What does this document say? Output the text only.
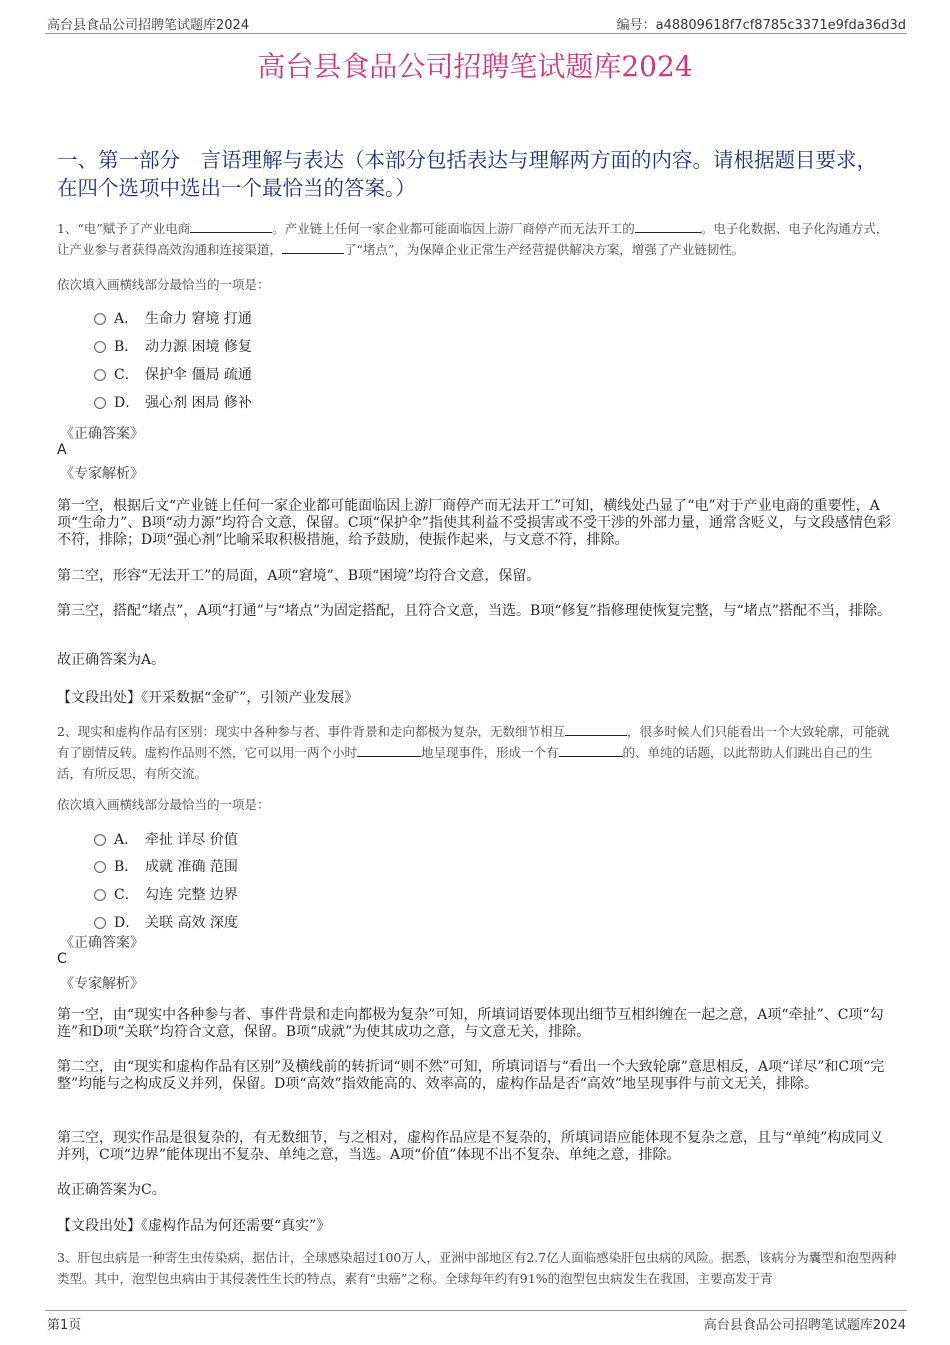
高台县食品公司招聘笔试题库2024	编号：a48809618f7cf8785c3371e9fda36d3d
高台县食品公司招聘笔试题库2024
一、第一部分　言语理解与表达（本部分包括表达与理解两方面的内容。请根据题目要求，在四个选项中选出一个最恰当的答案。）
1、“电”赋予了产业电商	。产业链上任何一家企业都可能面临因上游厂商停产而无法开工的	。电子化数据、电子化沟通方式，让产业参与者获得高效沟通和连接渠道，	了“堵点”，为保障企业正常生产经营提供解决方案，增强了产业链韧性。
依次填入画横线部分最恰当的一项是：
A． 生命力 窘境 打通
B． 动力源 困境 修复
C． 保护伞 僵局 疏通
D． 强心剂 困局 修补
《正确答案》
A
《专家解析》
第一空，根据后文“产业链上任何一家企业都可能面临因上游厂商停产而无法开工”可知，横线处凸显了“电”对于产业电商的重要性，A项“生命力”、B项“动力源”均符合文意，保留。C项“保护伞”指使其利益不受损害或不受干涉的外部力量，通常含贬义，与文段感情色彩不符，排除；D项“强心剂”比喻采取积极措施，给予鼓励，使振作起来，与文意不符，排除。
第二空，形容“无法开工”的局面，A项“窘境”、B项“困境”均符合文意，保留。
第三空，搭配“堵点”，A项“打通”与“堵点”为固定搭配，且符合文意，当选。B项“修复”指修理使恢复完整，与“堵点”搭配不当，排除。
故正确答案为A。
【文段出处】《开采数据“金矿”，引领产业发展》
2、现实和虚构作品有区别：现实中各种参与者、事件背景和走向都极为复杂，无数细节相互	，很多时候人们只能看出一个大致轮廓，可能就有了剧情反转。虚构作品则不然，它可以用一两个小时	地呈现事件，形成一个有	的、单纯的话题，以此帮助人们跳出自己的生活，有所反思，有所交流。
依次填入画横线部分最恰当的一项是：
A． 牵扯 详尽 价值
B． 成就 准确 范围
C． 勾连 完整 边界
D． 关联 高效 深度
《正确答案》
C
《专家解析》
第一空，由“现实中各种参与者、事件背景和走向都极为复杂”可知，所填词语要体现出细节互相纠缠在一起之意，A项“牵扯”、C项“勾连”和D项“关联”均符合文意，保留。B项“成就”为使其成功之意，与文意无关，排除。
第二空，由“现实和虚构作品有区别”及横线前的转折词“则不然”可知，所填词语与“看出一个大致轮廓”意思相反，A项“详尽”和C项“完整”均能与之构成反义并列，保留。D项“高效”指效能高的、效率高的，虚构作品是否“高效”地呈现事件与前文无关，排除。
第三空，现实作品是很复杂的，有无数细节，与之相对，虚构作品应是不复杂的，所填词语应能体现不复杂之意，且与“单纯”构成同义并列，C项“边界”能体现出不复杂、单纯之意，当选。A项“价值”体现不出不复杂、单纯之意，排除。
故正确答案为C。
【文段出处】《虚构作品为何还需要“真实”》
3、肝包虫病是一种寄生虫传染病，据估计，全球感染超过100万人，亚洲中部地区有2.7亿人面临感染肝包虫病的风险。据悉，该病分为囊型和泡型两种类型。其中，泡型包虫病由于其侵袭性生长的特点，素有“虫癌”之称。全球每年约有91%的泡型包虫病发生在我国，主要高发于青
第1页	高台县食品公司招聘笔试题库2024
